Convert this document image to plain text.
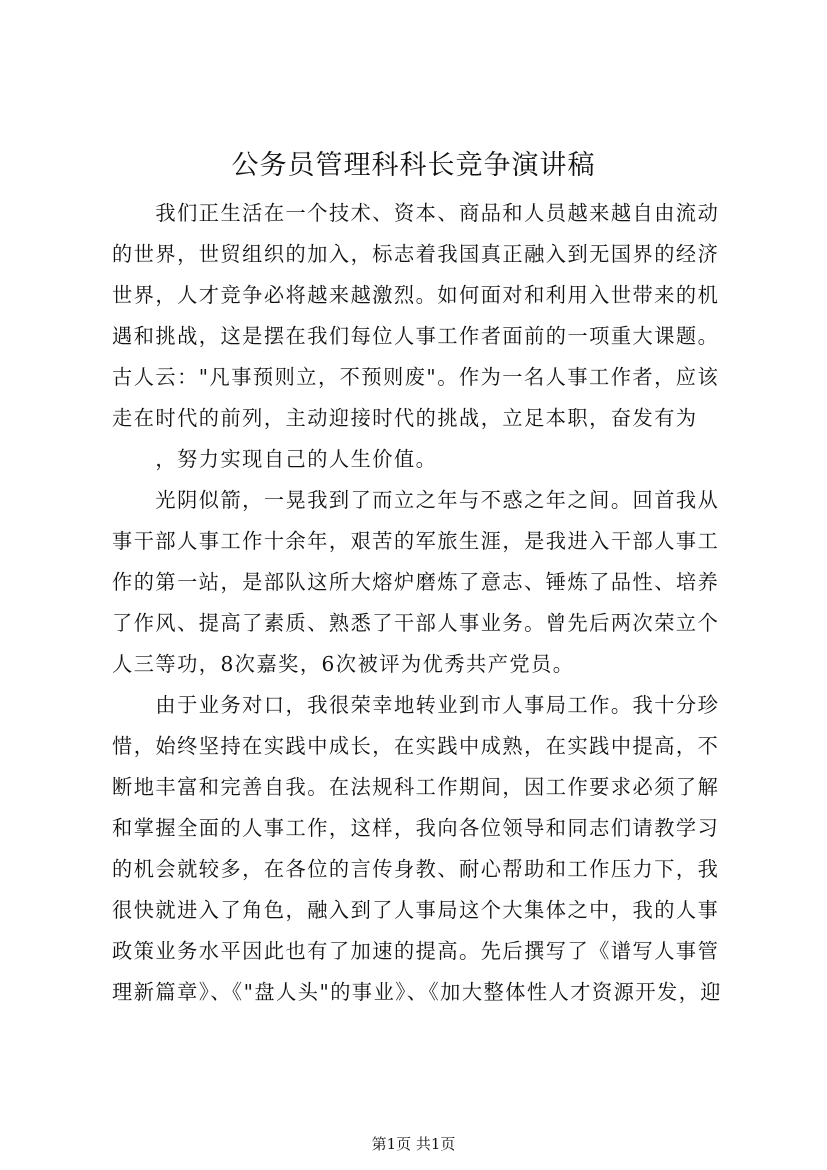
公务员管理科科长竞争演讲稿
　　我们正生活在一个技术、资本、商品和人员越来越自由流动
的世界，世贸组织的加入，标志着我国真正融入到无国界的经济
世界，人才竞争必将越来越激烈。如何面对和利用入世带来的机
遇和挑战，这是摆在我们每位人事工作者面前的一项重大课题。
古人云："凡事预则立，不预则废"。作为一名人事工作者，应该
走在时代的前列，主动迎接时代的挑战，立足本职，奋发有为
　　，努力实现自己的人生价值。
　　光阴似箭，一晃我到了而立之年与不惑之年之间。回首我从
事干部人事工作十余年，艰苦的军旅生涯，是我进入干部人事工
作的第一站，是部队这所大熔炉磨炼了意志、锤炼了品性、培养
了作风、提高了素质、熟悉了干部人事业务。曾先后两次荣立个
人三等功，8次嘉奖，6次被评为优秀共产党员。
　　由于业务对口，我很荣幸地转业到市人事局工作。我十分珍
惜，始终坚持在实践中成长，在实践中成熟，在实践中提高，不
断地丰富和完善自我。在法规科工作期间，因工作要求必须了解
和掌握全面的人事工作，这样，我向各位领导和同志们请教学习
的机会就较多，在各位的言传身教、耐心帮助和工作压力下，我
很快就进入了角色，融入到了人事局这个大集体之中，我的人事
政策业务水平因此也有了加速的提高。先后撰写了《谱写人事管
理新篇章》、《"盘人头"的事业》、《加大整体性人才资源开发，迎
第1页 共1页
